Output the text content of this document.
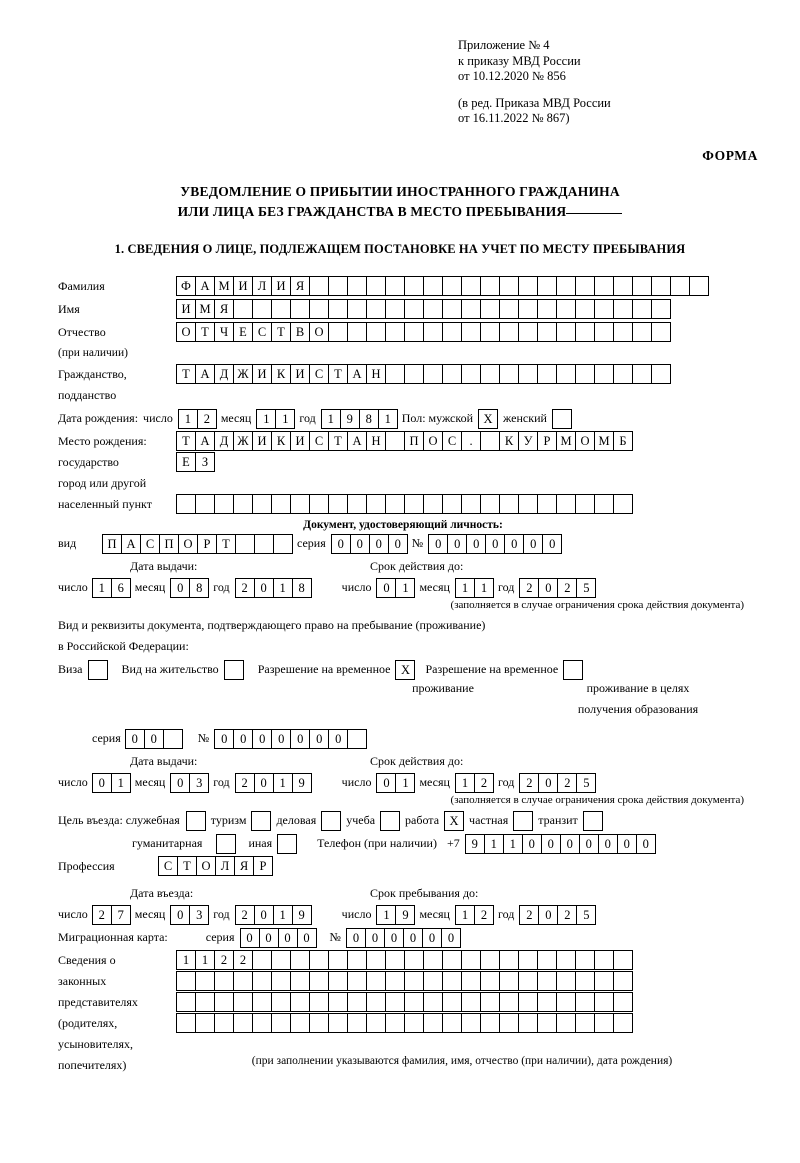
Приложение № 4
к приказу МВД России
от 10.12.2020 № 856
(в ред. Приказа МВД России
от 16.11.2022 № 867)
ФОРМА
УВЕДОМЛЕНИЕ О ПРИБЫТИИ ИНОСТРАННОГО ГРАЖДАНИНА
ИЛИ ЛИЦА БЕЗ ГРАЖДАНСТВА В МЕСТО ПРЕБЫВАНИЯ
1. СВЕДЕНИЯ О ЛИЦЕ, ПОДЛЕЖАЩЕМ ПОСТАНОВКЕ НА УЧЕТ ПО МЕСТУ ПРЕБЫВАНИЯ
Фамилия	Ф А М И Л И Я
Имя	И М Я
Отчество	О Т Ч Е С Т В О
(при наличии)
Гражданство,	Т А Д Ж И К И С Т А Н
подданство
Дата рождения: число 1	2 месяц 1	1 год 1	9	8	1 Пол: мужской X женский
Место рождения:	Т А Д Ж И К И С Т А Н	П О С	.	К У Р М О М Б
государство	Е З
город или другой
населенный пункт
Документ, удостоверяющий личность:
вид	П А С П О Р Т	серия 0	0	0	0 № 0	0	0	0	0	0	0
Дата выдачи:	Срок действия до:
число 1	6 месяц 0	8 год 2	0	1	8	число 0	1 месяц 1	1 год 2	0	2	5
(заполняется в случае ограничения срока действия документа)
Вид и реквизиты документа, подтверждающего право на пребывание (проживание)
в Российской Федерации:
Виза	Вид на жительство	Разрешение на временное X	Разрешение на временное
проживание	проживание в целях
получения образования
серия 0	0	№ 0	0	0	0	0	0	0
Дата выдачи:	Срок действия до:
число 0	1 месяц 0	3 год 2	0	1	9	число 0	1 месяц 1	2 год 2	0	2	5
(заполняется в случае ограничения срока действия документа)
Цель въезда: служебная	туризм	деловая	учеба	работа X частная	транзит
гуманитарная	иная	Телефон (при наличии) +7 9	1	1	0	0	0	0	0	0	0
Профессия	С Т О Л Я Р
Дата въезда:	Срок пребывания до:
число 2	7 месяц 0	3 год 2	0	1	9	число 1	9 месяц 1	2 год 2	0	2	5
Миграционная карта:	серия 0	0	0	0	№ 0	0	0	0	0	0
Сведения о	1	1	2	2
законных
представителях
(родителях,
усыновителях,
попечителях)	(при заполнении указываются фамилия, имя, отчество (при наличии), дата рождения)
